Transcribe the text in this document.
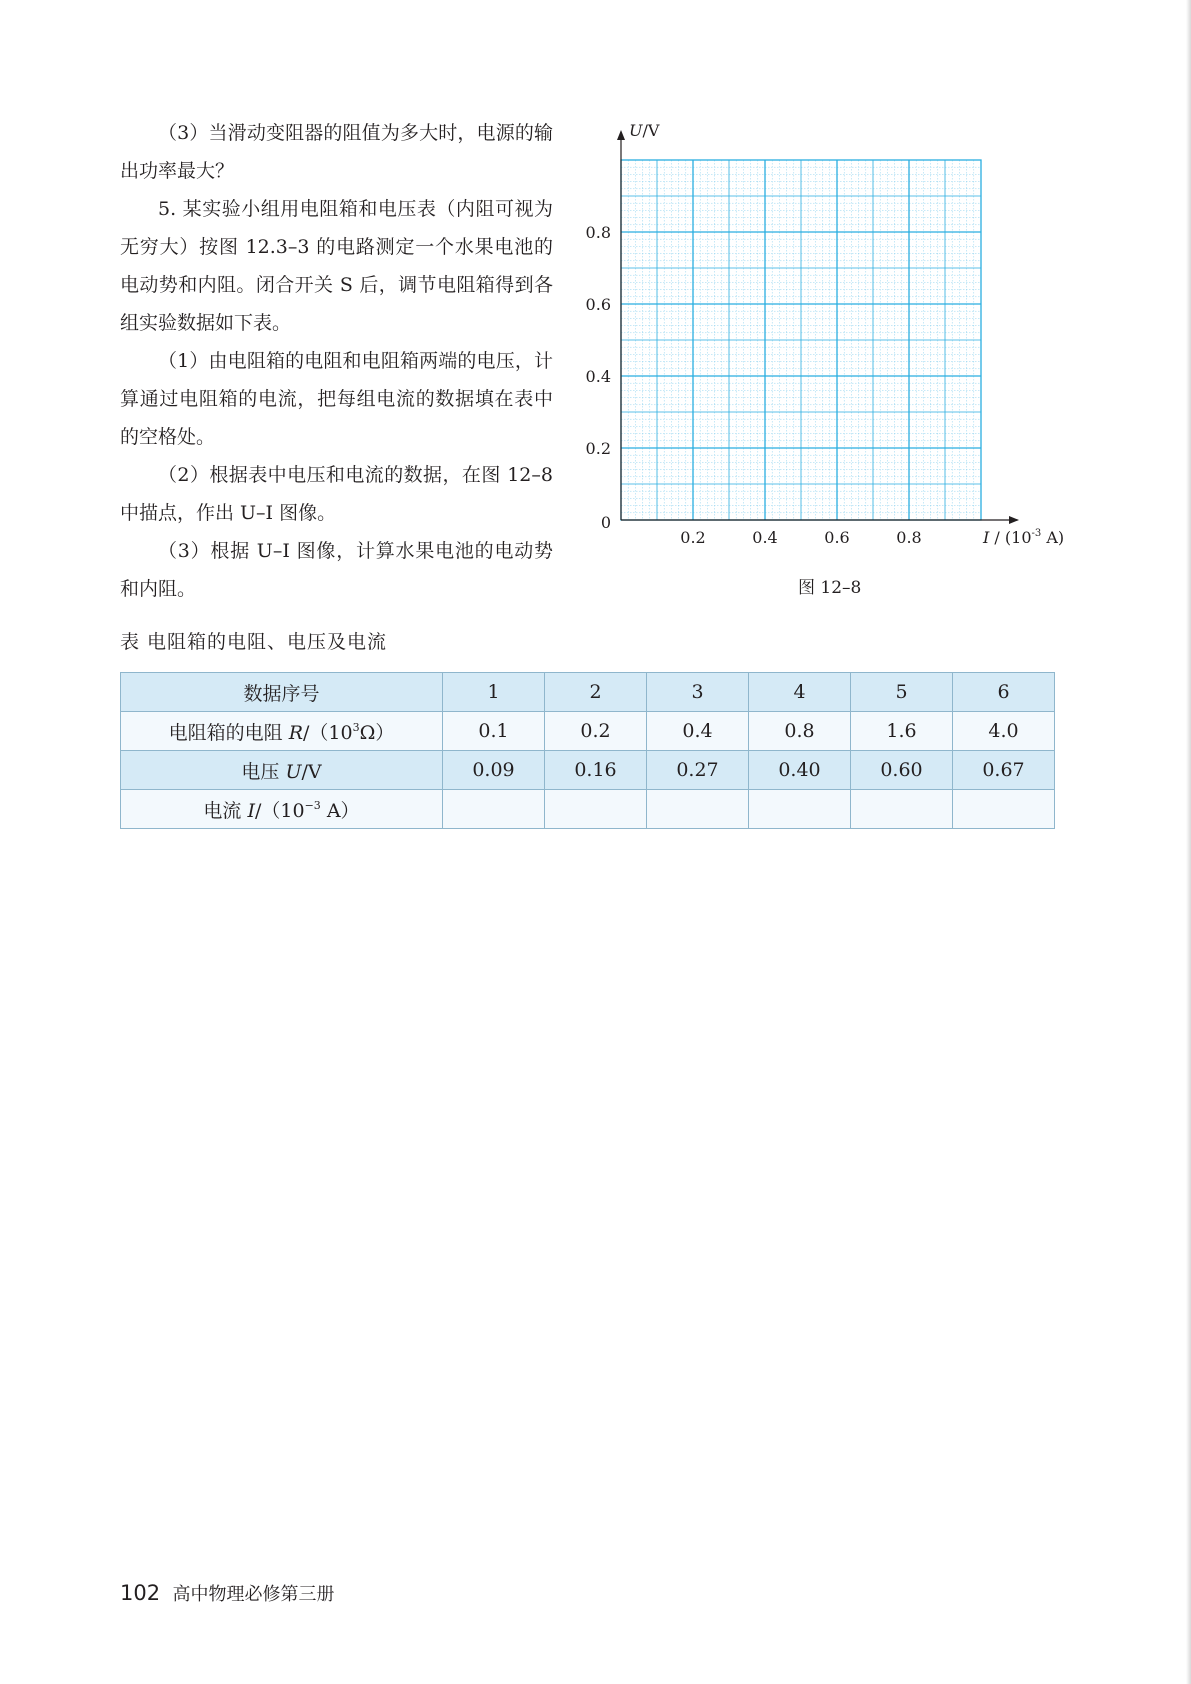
（3）当滑动变阻器的阻值为多大时，电源的输出功率最大？

5. 某实验小组用电阻箱和电压表（内阻可视为无穷大）按图 12.3–3 的电路测定一个水果电池的电动势和内阻。闭合开关 S 后，调节电阻箱得到各组实验数据如下表。

（1）由电阻箱的电阻和电阻箱两端的电压，计算通过电阻箱的电流，把每组电流的数据填在表中的空格处。

（2）根据表中电压和电流的数据，在图 12–8 中描点，作出 U–I 图像。

（3）根据 U–I 图像，计算水果电池的电动势和内阻。

0.2	0.4	0.6	0.8
0.2
0.4
0.6
0.8
0
U/V
I / ($10^{-3}$ A)
图 12–8
表 电阻箱的电阻、电压及电流
数据序号	1	2	3	4	5	6
电阻箱的电阻 $R/(10^3\Omega)$	0.1	0.2	0.4	0.8	1.6	4.0
电压 U/V	0.09	0.16	0.27	0.40	0.60	0.67
电流 $I/(10^{-3}$ A）						
102 高中物理必修第三册
